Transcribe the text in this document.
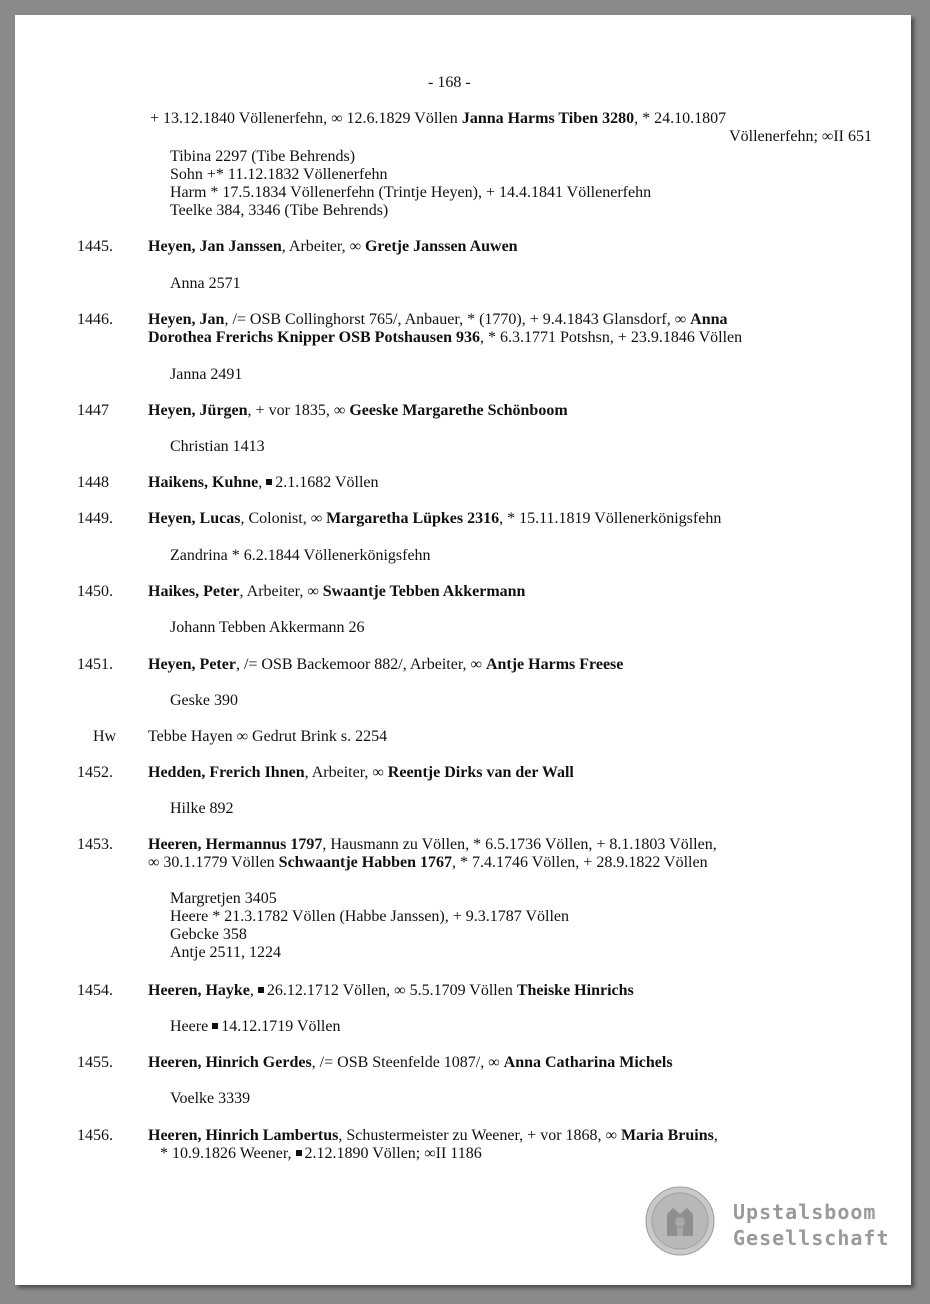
- 168 -
+ 13.12.1840 Völlenerfehn, ∞ 12.6.1829 Völlen Janna Harms Tiben 3280, * 24.10.1807
Völlenerfehn; ∞II 651
Tibina 2297 (Tibe Behrends)
Sohn +* 11.12.1832 Völlenerfehn
Harm * 17.5.1834 Völlenerfehn (Trintje Heyen), + 14.4.1841 Völlenerfehn
Teelke 384, 3346 (Tibe Behrends)
1445. Heyen, Jan Janssen, Arbeiter, ∞ Gretje Janssen Auwen
Anna 2571
1446. Heyen, Jan, /= OSB Collinghorst 765/, Anbauer, * (1770), + 9.4.1843 Glansdorf, ∞ Anna
Dorothea Frerichs Knipper OSB Potshausen 936, * 6.3.1771 Potshsn, + 23.9.1846 Völlen
Janna 2491
1447 Heyen, Jürgen, + vor 1835, ∞ Geeske Margarethe Schönboom
Christian 1413
1448 Haikens, Kuhne, 2.1.1682 Völlen
1449. Heyen, Lucas, Colonist, ∞ Margaretha Lüpkes 2316, * 15.11.1819 Völlenerkönigsfehn
Zandrina * 6.2.1844 Völlenerkönigsfehn
1450. Haikes, Peter, Arbeiter, ∞ Swaantje Tebben Akkermann
Johann Tebben Akkermann 26
1451. Heyen, Peter, /= OSB Backemoor 882/, Arbeiter, ∞ Antje Harms Freese
Geske 390
Hw Tebbe Hayen ∞ Gedrut Brink s. 2254
1452. Hedden, Frerich Ihnen, Arbeiter, ∞ Reentje Dirks van der Wall
Hilke 892
1453. Heeren, Hermannus 1797, Hausmann zu Völlen, * 6.5.1736 Völlen, + 8.1.1803 Völlen,
∞ 30.1.1779 Völlen Schwaantje Habben 1767, * 7.4.1746 Völlen, + 28.9.1822 Völlen
Margretjen 3405
Heere * 21.3.1782 Völlen (Habbe Janssen), + 9.3.1787 Völlen
Gebcke 358
Antje 2511, 1224
1454. Heeren, Hayke, 26.12.1712 Völlen, ∞ 5.5.1709 Völlen Theiske Hinrichs
Heere 14.12.1719 Völlen
1455. Heeren, Hinrich Gerdes, /= OSB Steenfelde 1087/, ∞ Anna Catharina Michels
Voelke 3339
1456. Heeren, Hinrich Lambertus, Schustermeister zu Weener, + vor 1868, ∞ Maria Bruins,
* 10.9.1826 Weener, 2.12.1890 Völlen; ∞II 1186
Upstalsboom
Gesellschaft
